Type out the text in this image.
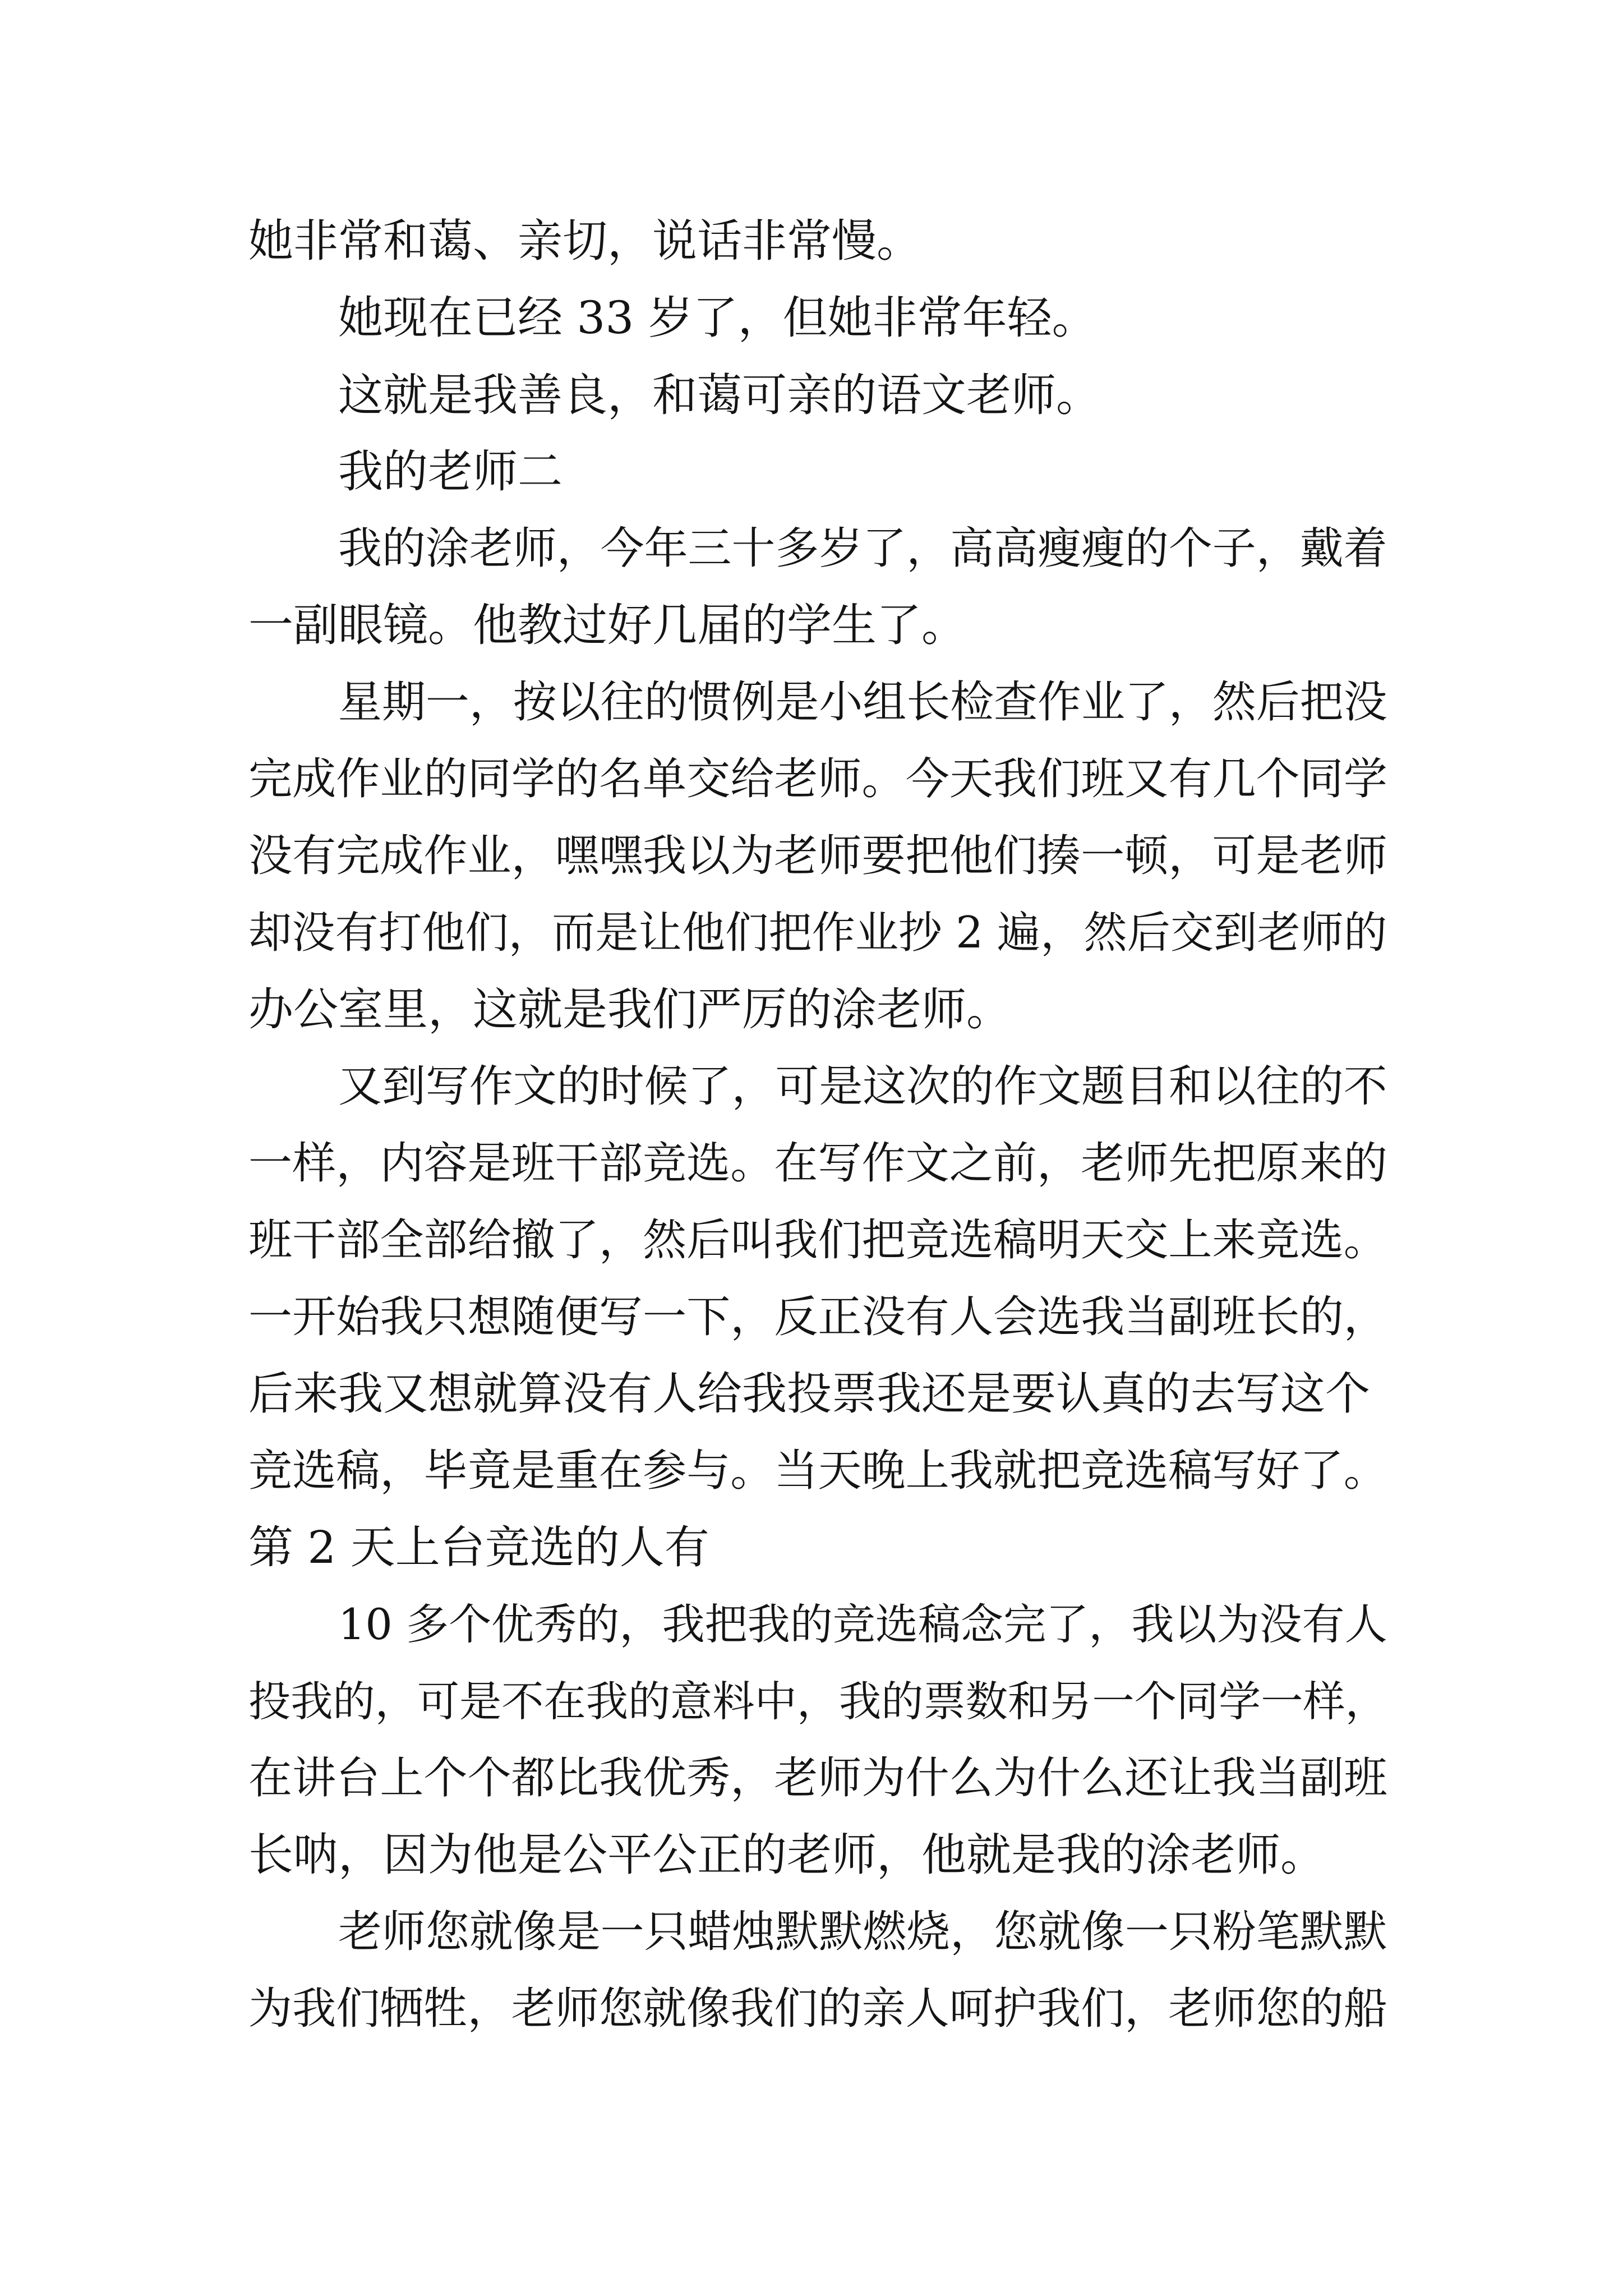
她非常和蔼、亲切，说话非常慢。

她现在已经 33 岁了，但她非常年轻。

这就是我善良，和蔼可亲的语文老师。

我的老师二

我的涂老师，今年三十多岁了，高高瘦瘦的个子，戴着

一副眼镜。他教过好几届的学生了。

星期一，按以往的惯例是小组长检查作业了，然后把没

完成作业的同学的名单交给老师。今天我们班又有几个同学

没有完成作业，嘿嘿我以为老师要把他们揍一顿，可是老师

却没有打他们，而是让他们把作业抄 2 遍，然后交到老师的

办公室里，这就是我们严厉的涂老师。

又到写作文的时候了，可是这次的作文题目和以往的不

一样，内容是班干部竞选。在写作文之前，老师先把原来的

班干部全部给撤了，然后叫我们把竞选稿明天交上来竞选。

一开始我只想随便写一下，反正没有人会选我当副班长的，

后来我又想就算没有人给我投票我还是要认真的去写这个

竞选稿，毕竟是重在参与。当天晚上我就把竞选稿写好了。

第 2 天上台竞选的人有

10 多个优秀的，我把我的竞选稿念完了，我以为没有人

投我的，可是不在我的意料中，我的票数和另一个同学一样，

在讲台上个个都比我优秀，老师为什么为什么还让我当副班

长呐，因为他是公平公正的老师，他就是我的涂老师。

老师您就像是一只蜡烛默默燃烧，您就像一只粉笔默默

为我们牺牲，老师您就像我们的亲人呵护我们，老师您的船
